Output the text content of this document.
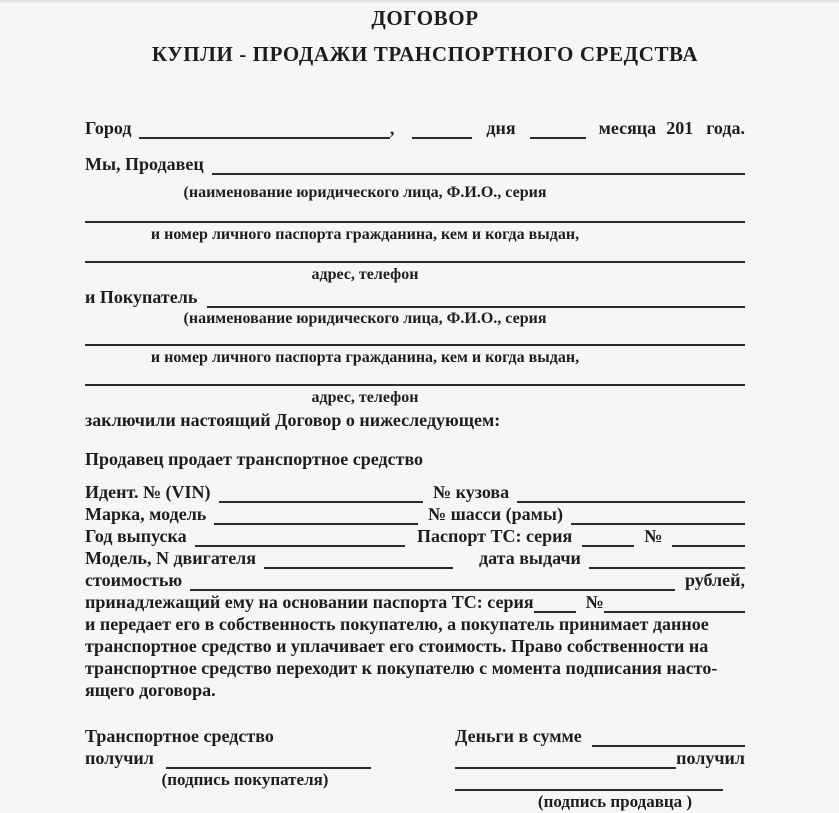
ДОГОВОР
КУПЛИ - ПРОДАЖИ ТРАНСПОРТНОГО СРЕДСТВА
Город	,	дня	месяца 201 года.
Мы, Продавец
(наименование юридического лица, Ф.И.О., серия
и номер личного паспорта гражданина, кем и когда выдан,
адрес, телефон
и Покупатель
(наименование юридического лица, Ф.И.О., серия
и номер личного паспорта гражданина, кем и когда выдан,
адрес, телефон
заключили настоящий Договор о нижеследующем:
Продавец продает транспортное средство
Идент. № (VIN)	№ кузова
Марка, модель	№ шасси (рамы)
Год выпуска	Паспорт ТС: серия	№
Модель, N двигателя	дата выдачи
стоимостью	рублей,
принадлежащий ему на основании паспорта ТС: серия	№
и передает его в собственность покупателю, а покупатель принимает данное
транспортное средство и уплачивает его стоимость. Право собственности на
транспортное средство переходит к покупателю с момента подписания насто-
ящего договора.
Транспортное средство
получил
(подпись покупателя)
Деньги в сумме
получил
(подпись продавца )
